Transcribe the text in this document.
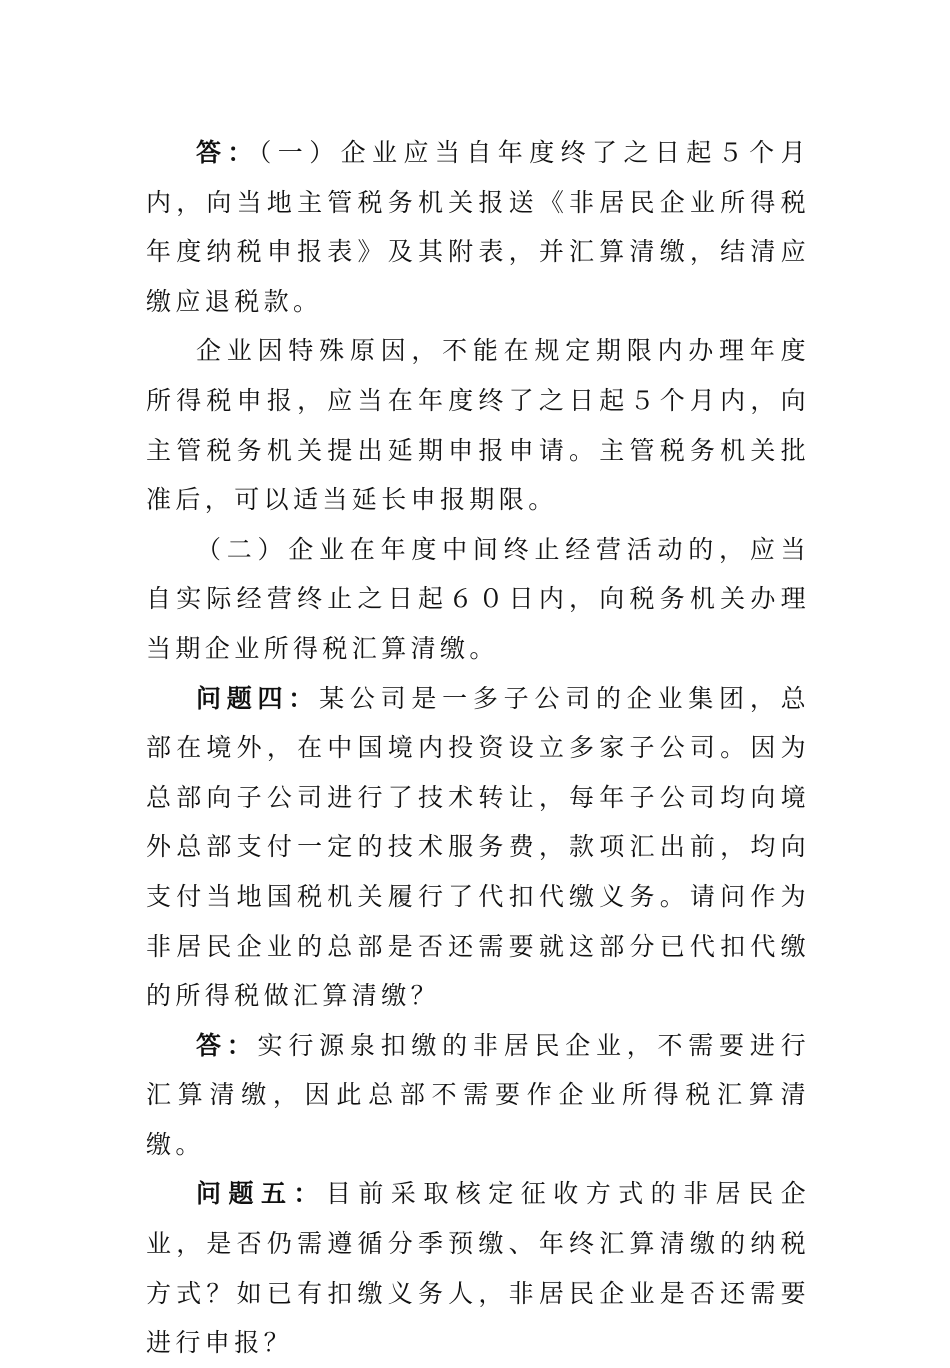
答：（一）企业应当自年度终了之日起５个月内，向当地主管税务机关报送《非居民企业所得税年度纳税申报表》及其附表，并汇算清缴，结清应缴应退税款。

企业因特殊原因，不能在规定期限内办理年度所得税申报，应当在年度终了之日起５个月内，向主管税务机关提出延期申报申请。主管税务机关批准后，可以适当延长申报期限。

（二）企业在年度中间终止经营活动的，应当自实际经营终止之日起６０日内，向税务机关办理当期企业所得税汇算清缴。

问题四：某公司是一多子公司的企业集团，总部在境外，在中国境内投资设立多家子公司。因为总部向子公司进行了技术转让，每年子公司均向境外总部支付一定的技术服务费，款项汇出前，均向支付当地国税机关履行了代扣代缴义务。请问作为非居民企业的总部是否还需要就这部分已代扣代缴的所得税做汇算清缴？

答：实行源泉扣缴的非居民企业，不需要进行汇算清缴，因此总部不需要作企业所得税汇算清缴。

问题五：目前采取核定征收方式的非居民企业，是否仍需遵循分季预缴、年终汇算清缴的纳税方式？如已有扣缴义务人，非居民企业是否还需要进行申报？
